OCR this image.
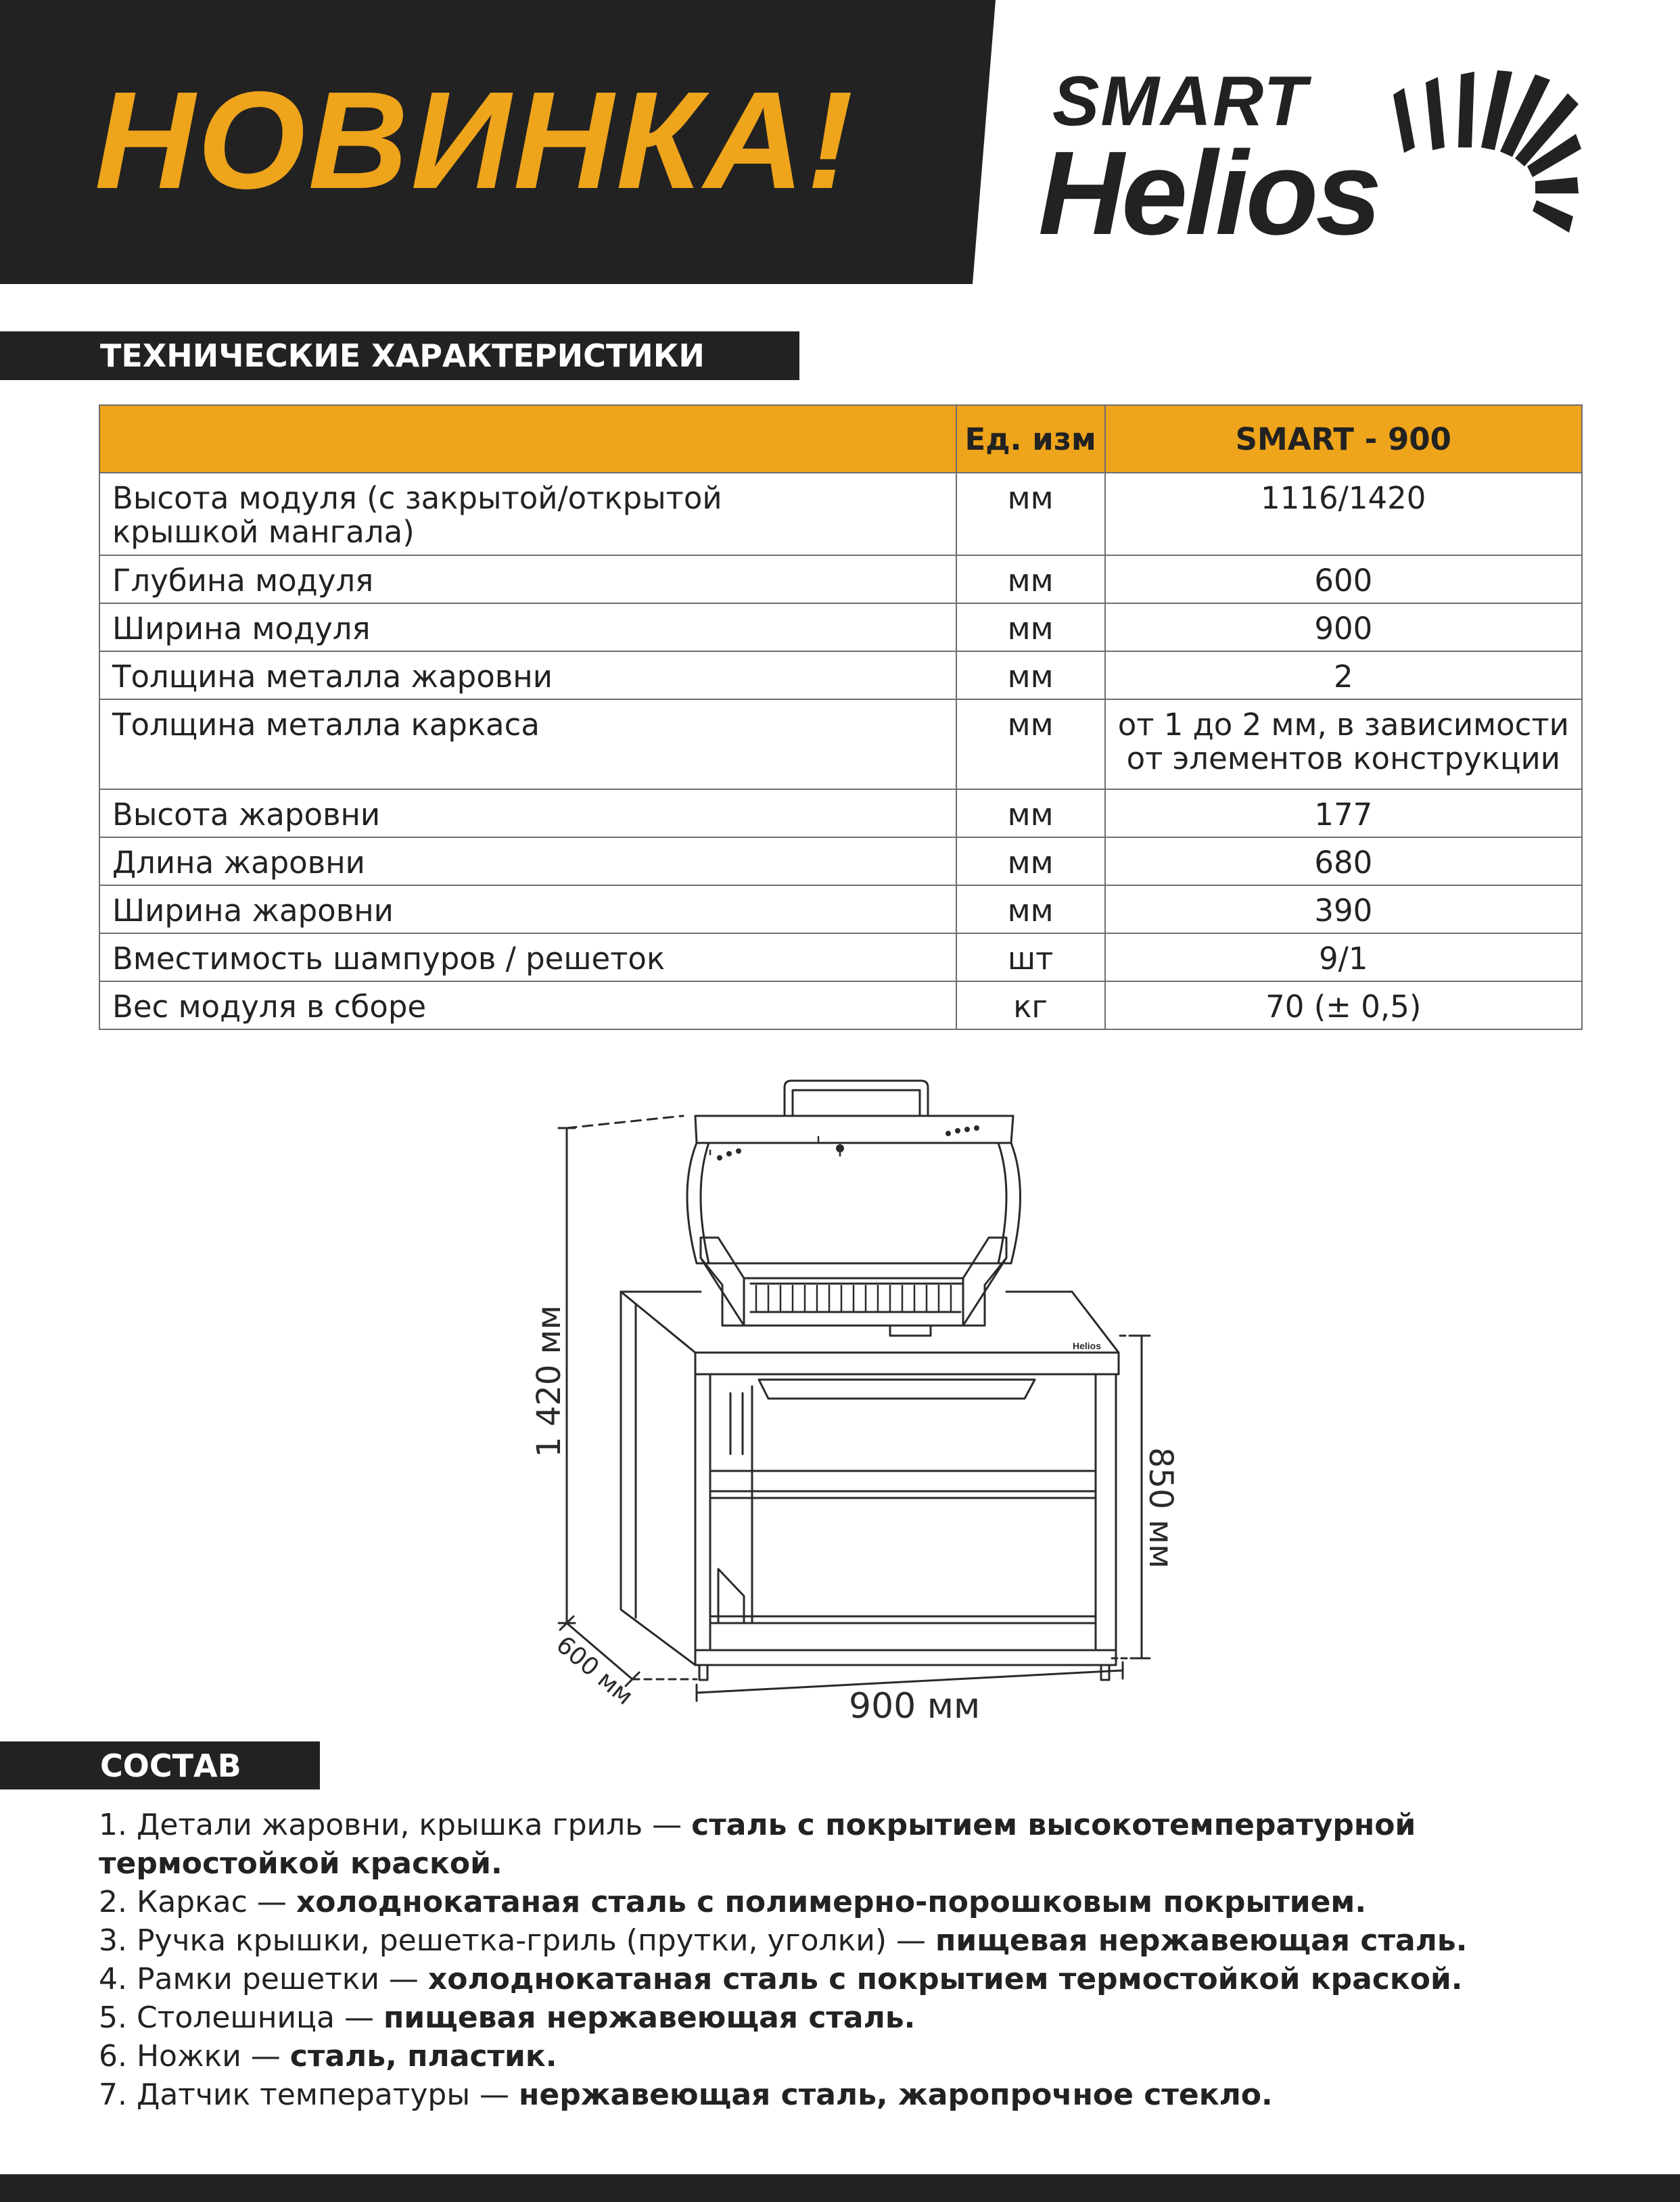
НОВИНКА!	SMART
Helios
ТЕХНИЧЕСКИЕ ХАРАКТЕРИСТИКИ
	Ед. изм	SMART - 900

Высота модуля (с закрытой/открытой
крышкой мангала)	мм	1116/1420

Глубина модуля	мм	600

Ширина модуля	мм	900

Толщина металла жаровни	мм	2

Толщина металла каркаса	мм	от 1 до 2 мм, в зависимости
от элементов конструкции

Высота жаровни	мм	177

Длина жаровни	мм	680

Ширина жаровни	мм	390

Вместимость шампуров / решеток	шт	9/1

Вес модуля в сборе	кг	70 (± 0,5)
1 420 мм
850 мм
600 мм	900 мм
Helios
СОСТАВ
1. Детали жаровни, крышка гриль — сталь с покрытием высокотемпературной
термостойкой краской.
2. Каркас — холоднокатаная сталь с полимерно-порошковым покрытием.
3. Ручка крышки, решетка-гриль (прутки, уголки) — пищевая нержавеющая сталь.
4. Рамки решетки — холоднокатаная сталь с покрытием термостойкой краской.
5. Столешница — пищевая нержавеющая сталь.
6. Ножки — сталь, пластик.
7. Датчик температуры — нержавеющая сталь, жаропрочное стекло.
